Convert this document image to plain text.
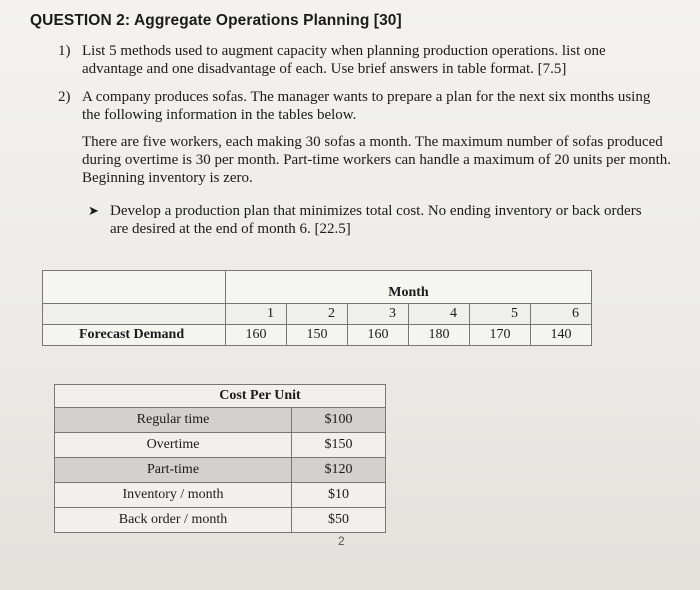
QUESTION 2: Aggregate Operations Planning [30]
1) List 5 methods used to augment capacity when planning production operations. list one advantage and one disadvantage of each. Use brief answers in table format. [7.5]
2) A company produces sofas. The manager wants to prepare a plan for the next six months using the following information in the tables below.
There are five workers, each making 30 sofas a month. The maximum number of sofas produced during overtime is 30 per month. Part-time workers can handle a maximum of 20 units per month. Beginning inventory is zero.
➤ Develop a production plan that minimizes total cost. No ending inventory or back orders are desired at the end of month 6. [22.5]
	Month					
	1	2	3	4	5	6
Forecast Demand	160	150	160	180	170	140
Cost Per Unit	
Regular time	$100
Overtime	$150
Part-time	$120
Inventory / month	$10
Back order / month	$50
2
